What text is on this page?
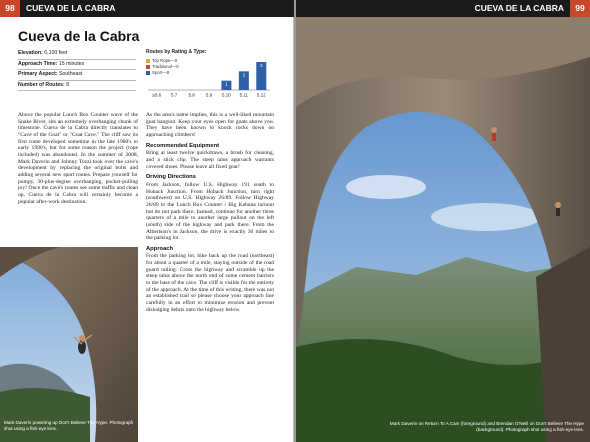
98	CUEVA DE LA CABRA
Cueva de la Cabra
Elevation: 6,100 feet
Approach Time: 15 minutes
Primary Aspect: Southeast
Number of Routes: 8
Routes by Rating & Type:
Top Rope—0
Traditional—0
Sport—8
≤5.6 5.7 5.8 5.9
1
5.10
2
5.11
3
5.12

Above the popular Lunch Box Counter wave of the Snake River, sits an extremely overhanging chunk of limestone. Cueva de la Cabra directly translates to "Cave of the Goat" or "Goat Cave." The cliff saw its first route developed sometime in the late 1980's to early 1990's, but for some reason the project (rope included) was abandoned. In the summer of 2008, Mark Daverin and Johnny Tozzi took over the cave's development by replacing the original bolts and adding several new sport routes. Prepare yourself for pumpy, 30-plus-degree overhanging, pocket-pulling joy! Once the cave's routes see some traffic and clean up, Cueva de la Cabra will certainly become a popular after-work destination.

As the area's name implies, this is a well-liked mountain goat hangout. Keep your eyes open for goats above you. They have been known to knock rocks down on approaching climbers!

Recommended Equipment

Bring at least twelve quickdraws, a brush for cleaning, and a stick clip. The steep talus approach warrants covered shoes. Please leave all fixed gear!

Driving Directions

From Jackson, follow U.S. Highway 191 south to Hoback Junction. From Hoback Junction, turn right (southwest) on U.S. Highway 26/89. Follow Highway 26/89 to the Lunch Box Counter / Big Kahuna turnout but do not park there. Instead, continue for another three quarters of a mile to another large pullout on the left (south) side of the highway and park there. From the Albertson's in Jackson, the drive is exactly 30 miles to the parking lot.

Approach

From the parking lot, hike back up the road (northeast) for about a quarter of a mile, staying outside of the road guard railing. Cross the highway and scramble up the steep talus above the north end of some cement barriers to the base of the cave. The cliff is visible for the entirety of the approach. At the time of this writing, there was not an established trail so please choose your approach line carefully in an effort to minimize erosion and prevent dislodging debris onto the highway below.

Mark Daverin powering up Don't Believe The Hype. Photograph shot using a fish-eye lens.
CUEVA DE LA CABRA	99
Mark Daverin on Return To A Cam (foreground) and Brendan O'Neill on Don't Believe The Hype (background). Photograph shot using a fish-eye lens.
